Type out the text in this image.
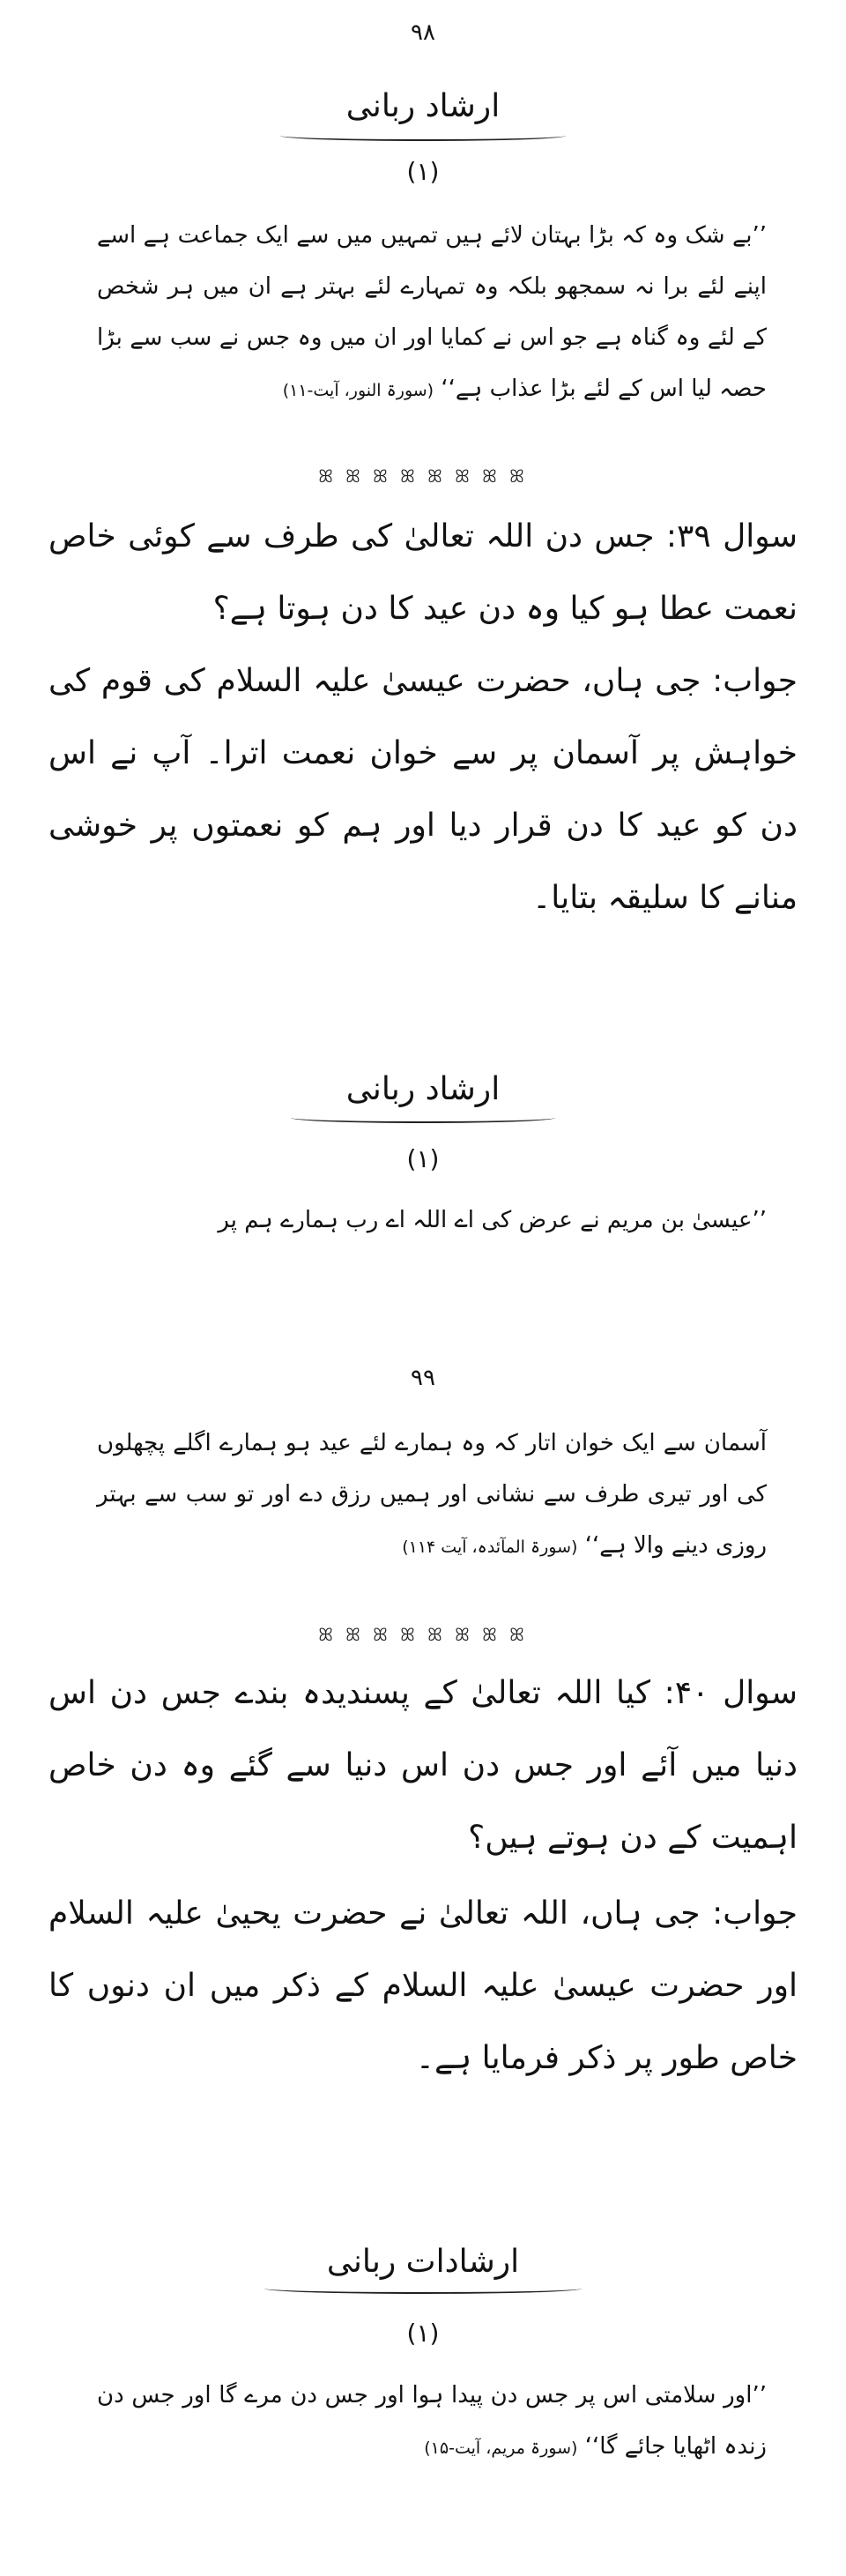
۹۸
ارشاد ربانی
(۱)

’’بے شک وہ کہ بڑا بہتان لائے ہیں تمہیں میں سے ایک جماعت ہے اسے اپنے لئے برا نہ سمجھو بلکہ وہ تمہارے لئے بہتر ہے ان میں ہر شخص کے لئے وہ گناہ ہے جو اس نے کمایا اور ان میں وہ جس نے سب سے بڑا حصہ لیا اس کے لئے بڑا عذاب ہے‘‘ (سورۃ النور، آیت-۱۱)

ꕤ ꕤ ꕤ ꕤ ꕤ ꕤ ꕤ ꕤ

سوال ۳۹: جس دن اللہ تعالیٰ کی طرف سے کوئی خاص نعمت عطا ہو کیا وہ دن عید کا دن ہوتا ہے؟

جواب: جی ہاں، حضرت عیسیٰ علیہ السلام کی قوم کی خواہش پر آسمان پر سے خوان نعمت اترا۔ آپ نے اس دن کو عید کا دن قرار دیا اور ہم کو نعمتوں پر خوشی منانے کا سلیقہ بتایا۔

ارشاد ربانی
(۱)

’’عیسیٰ بن مریم نے عرض کی اے اللہ اے رب ہمارے ہم پر

۹۹

آسمان سے ایک خوان اتار کہ وہ ہمارے لئے عید ہو ہمارے اگلے پچھلوں کی اور تیری طرف سے نشانی اور ہمیں رزق دے اور تو سب سے بہتر روزی دینے والا ہے‘‘ (سورۃ المآئدہ، آیت ۱۱۴)

ꕤ ꕤ ꕤ ꕤ ꕤ ꕤ ꕤ ꕤ

سوال ۴۰: کیا اللہ تعالیٰ کے پسندیدہ بندے جس دن اس دنیا میں آئے اور جس دن اس دنیا سے گئے وہ دن خاص اہمیت کے دن ہوتے ہیں؟

جواب: جی ہاں، اللہ تعالیٰ نے حضرت یحییٰ علیہ السلام اور حضرت عیسیٰ علیہ السلام کے ذکر میں ان دنوں کا خاص طور پر ذکر فرمایا ہے۔

ارشادات ربانی
(۱)

’’اور سلامتی اس پر جس دن پیدا ہوا اور جس دن مرے گا اور جس دن زندہ اٹھایا جائے گا‘‘ (سورۃ مریم، آیت-۱۵)
